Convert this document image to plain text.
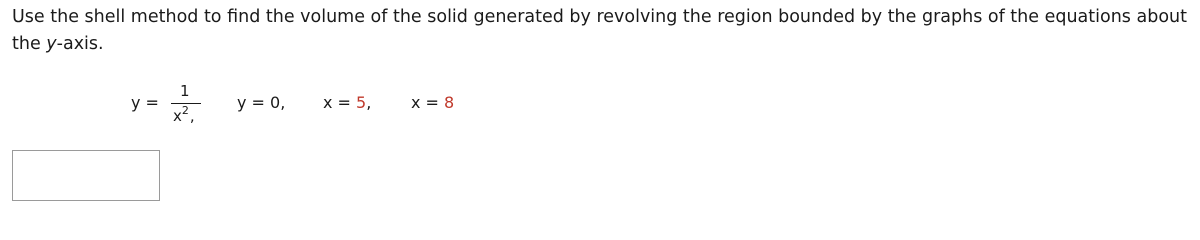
Use the shell method to find the volume of the solid generated by revolving the region bounded by the graphs of the equations about the y-axis.
y =
1
$x^2$,
y = 0, x = 5, x = 8
